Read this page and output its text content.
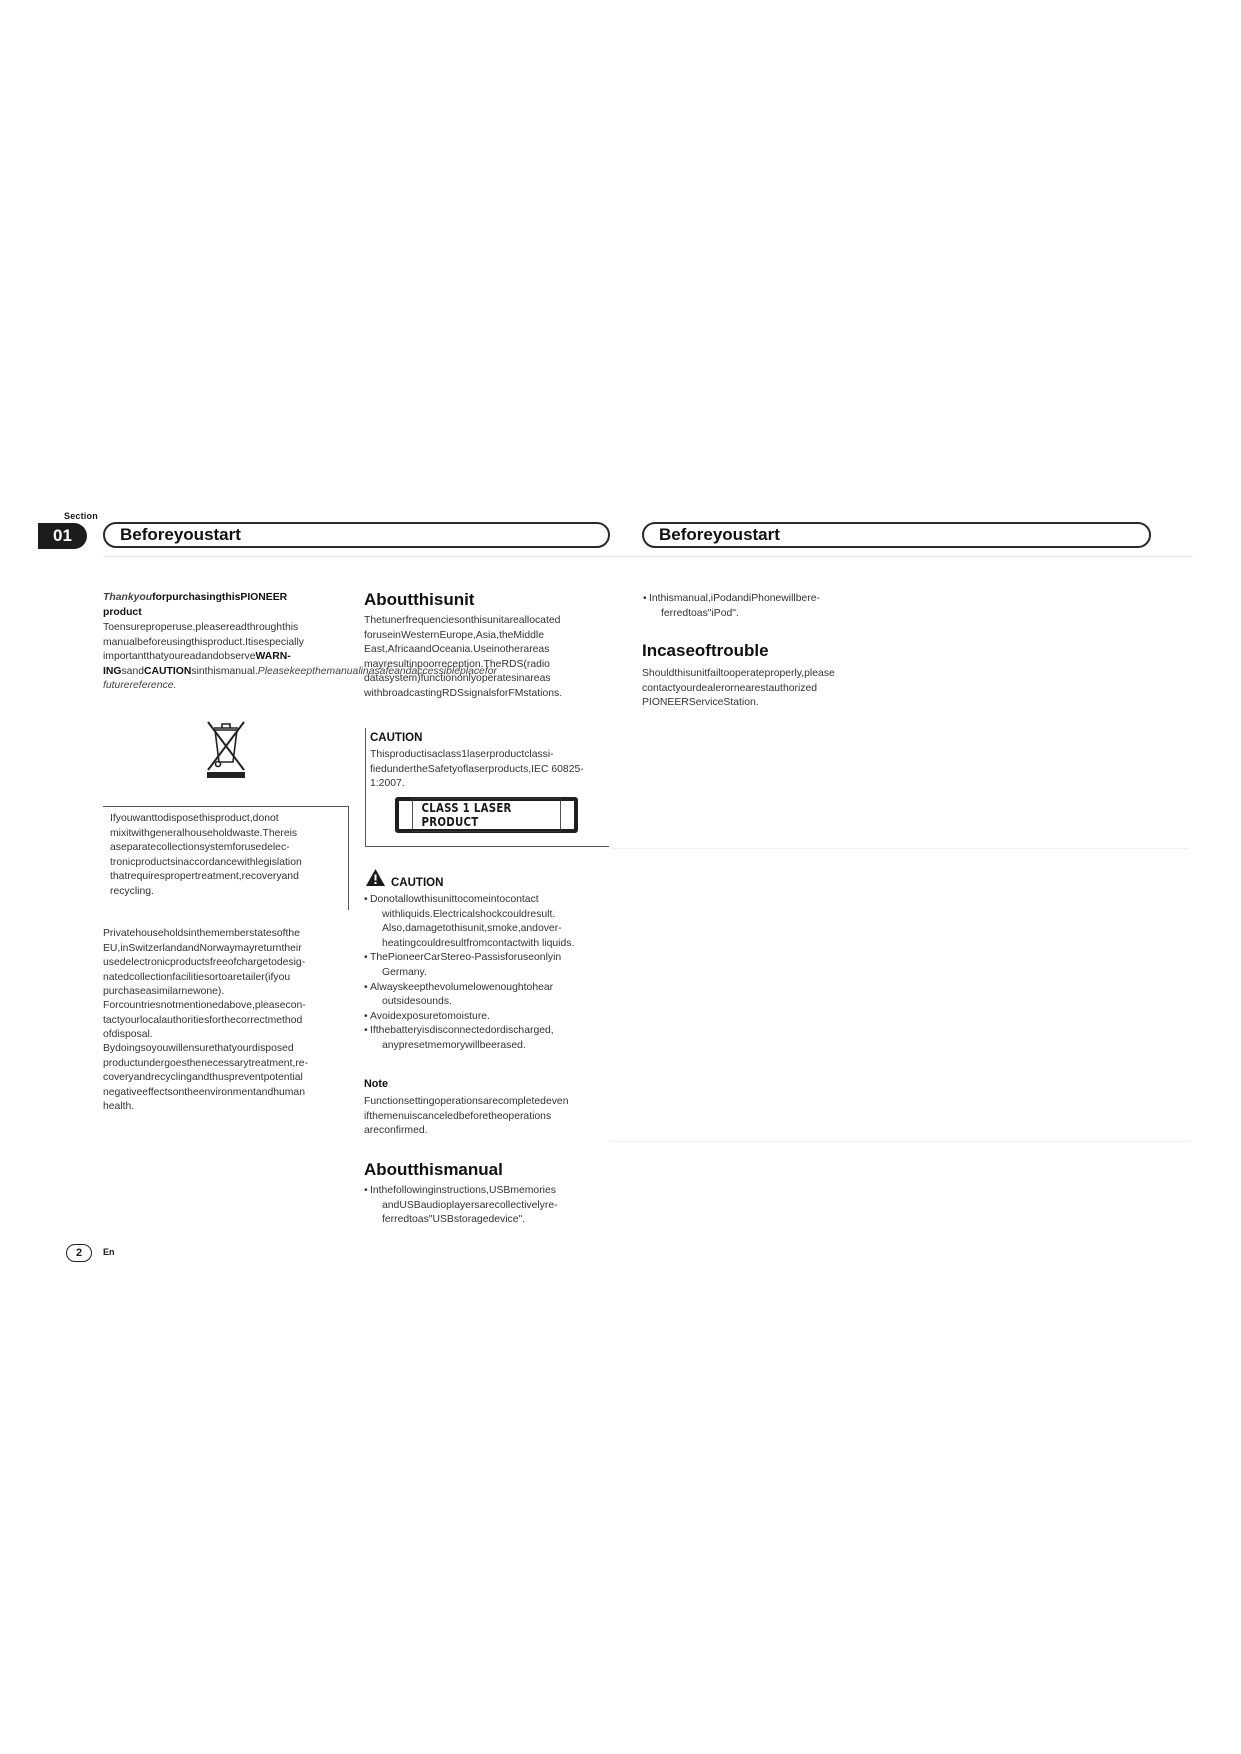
Section
01	Beforeyoustart	Beforeyoustart
ThankyouforpurchasingthisPIONEER product
Toensureproperuse,pleasereadthroughthis manualbeforeusingthisproduct.Itisespecially importantthatyoureadandobserveWARN-INGsandCAUTIONsinthismanual.Pleasekeepthemanualinasafeandaccessibleplacefor futurereference.
Ifyouwanttodisposethisproduct,donot mixitwithgeneralhouseholdwaste.Thereis aseparatecollectionsystemforusedelec-tronicproductsinaccordancewithlegislation thatrequirespropertreatment,recoveryand recycling.
Privatehouseholdsinthememberstatesofthe EU,inSwitzerlandandNorwaymayreturntheir usedelectronicproductsfreeofchargetodesig-natedcollectionfacilitiesortoaretailer(ifyou purchaseasimilarnewone).
Forcountriesnotmentionedabove,pleasecon-tactyourlocalauthoritiesforthecorrectmethod ofdisposal.
Bydoingsoyouwillensurethatyourdisposed productundergoesthenecessarytreatment,re-coveryandrecyclingandthuspreventpotential negativeeffectsontheenvironmentandhuman health.
Aboutthisunit
Thetunerfrequenciesonthisunitareallocated foruseinWesternEurope,Asia,theMiddle East,AfricaandOceania.Useinotherareas mayresultinpoorreception.TheRDS(radio datasystem)functiononlyoperatesinareas withbroadcastingRDSsignalsforFMstations.
CAUTION
Thisproductisaclass1laserproductclassi-fiedundertheSafetyoflaserproducts,IEC 60825-1:2007.
CLASS 1 LASER PRODUCT
CAUTION
• Donotallowthisunittocomeintocontact withliquids.Electricalshockcouldresult. Also,damagetothisunit,smoke,andover-heatingcouldresultfromcontactwith liquids.
• ThePioneerCarStereo-Passisforuseonlyin Germany.
• Alwayskeepthevolumelowenoughtohear outsidesounds.
• Avoidexposuretomoisture.
• Ifthebatteryisdisconnectedordischarged, anypresetmemorywillbeerased.
Note
Functionsettingoperationsarecompletedeven ifthemenuiscanceledbeforetheoperations areconfirmed.
Aboutthismanual
• Inthefollowinginstructions,USBmemories andUSBaudioplayersarecollectivelyre-ferredtoas"USBstoragedevice".
• Inthismanual,iPodandiPhonewillbere-ferredtoas"iPod".
Incaseoftrouble
Shouldthisunitfailtooperateproperly,please contactyourdealerornearestauthorized PIONEERServiceStation.
2	En
